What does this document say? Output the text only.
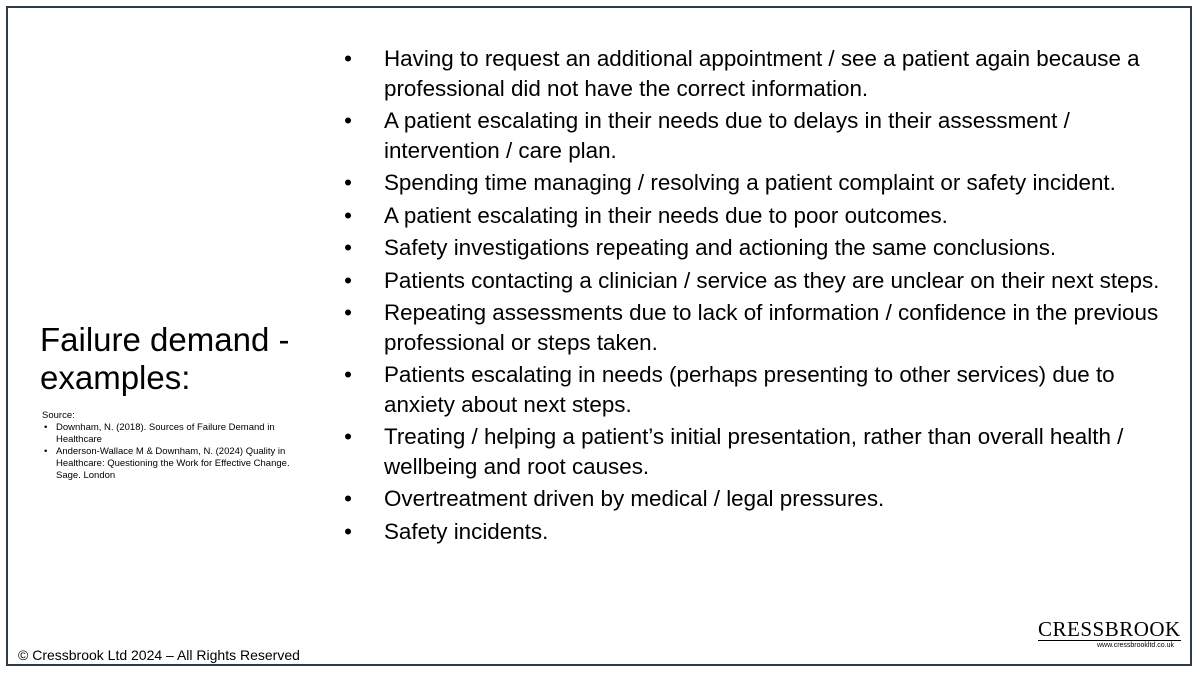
Failure demand - examples:
Source:
• Downham, N. (2018). Sources of Failure Demand in Healthcare
• Anderson-Wallace M & Downham, N. (2024) Quality in Healthcare: Questioning the Work for Effective Change. Sage. London
• Having to request an additional appointment / see a patient again because a professional did not have the correct information.
• A patient escalating in their needs due to delays in their assessment / intervention / care plan.
• Spending time managing / resolving a patient complaint or safety incident.
• A patient escalating in their needs due to poor outcomes.
• Safety investigations repeating and actioning the same conclusions.
• Patients contacting a clinician / service as they are unclear on their next steps.
• Repeating assessments due to lack of information / confidence in the previous professional or steps taken.
• Patients escalating in needs (perhaps presenting to other services) due to anxiety about next steps.
• Treating / helping a patient’s initial presentation, rather than overall health / wellbeing and root causes.
• Overtreatment driven by medical / legal pressures.
• Safety incidents.
© Cressbrook Ltd 2024 – All Rights Reserved
CRESSBROOK
www.cressbrookltd.co.uk
